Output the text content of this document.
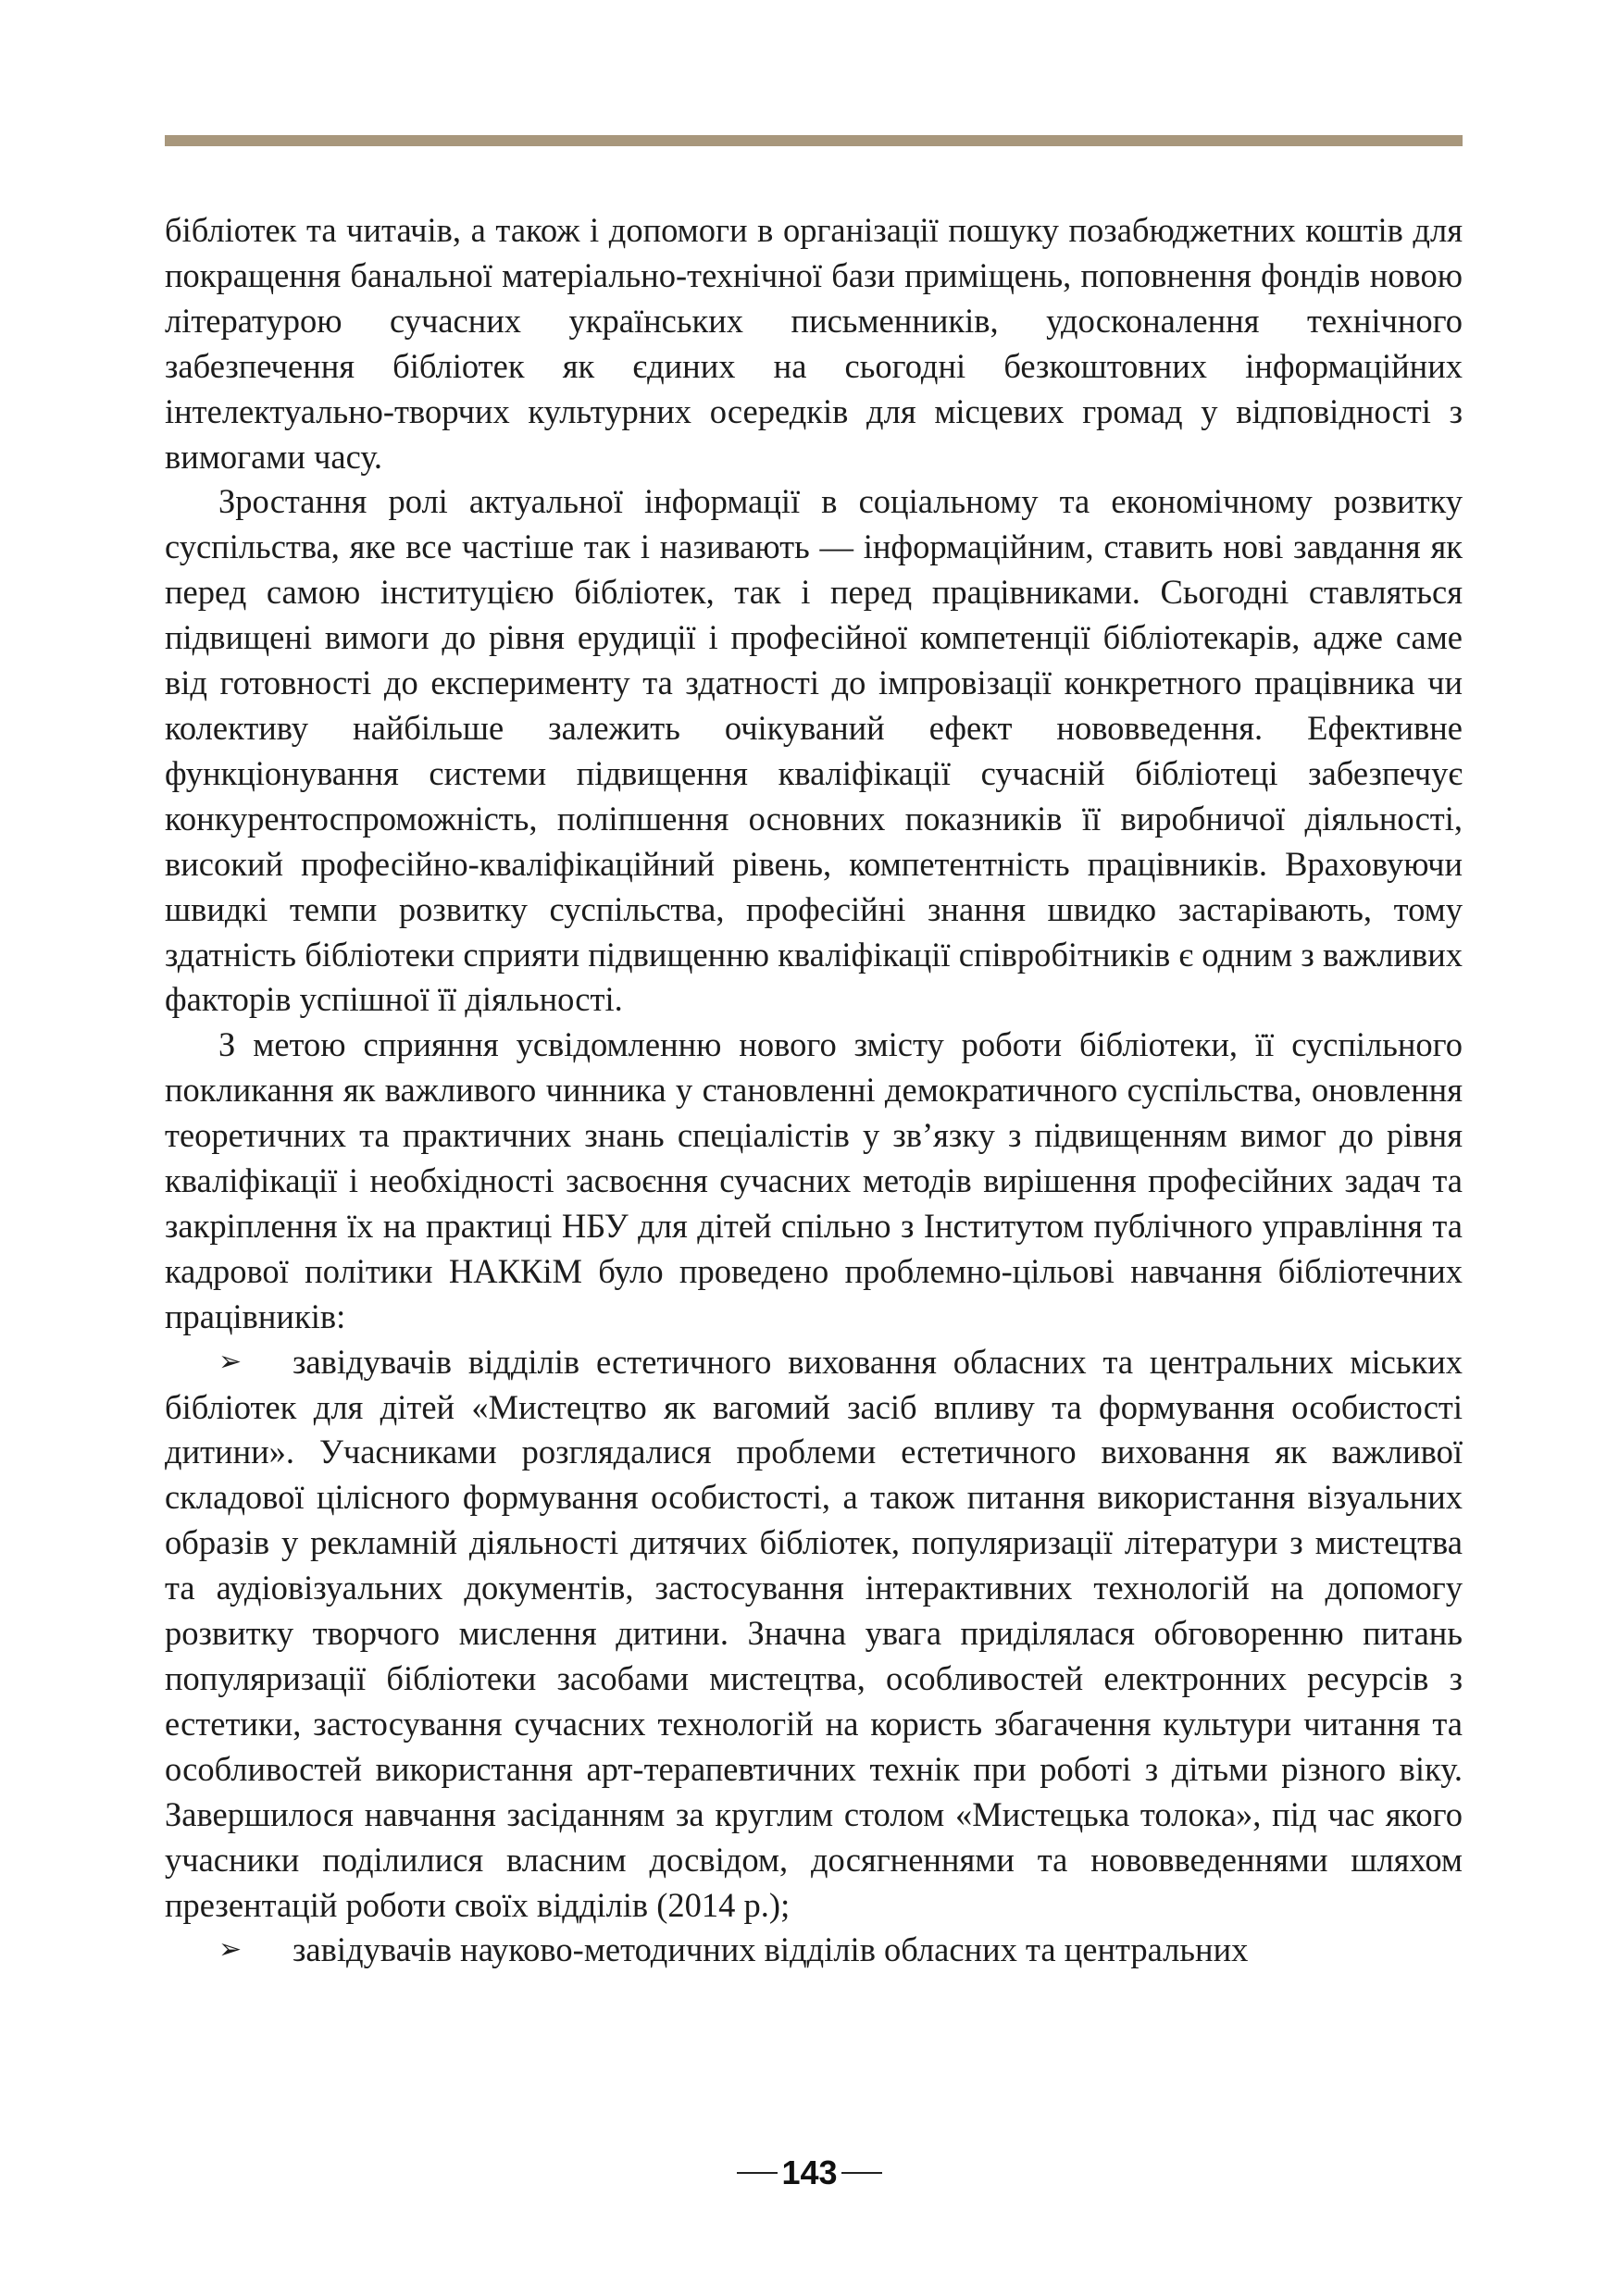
бібліотек та читачів, а також і допомоги в організації пошуку позабюджетних коштів для покращення банальної матеріально-технічної бази приміщень, поповнення фондів новою літературою сучасних українських письменників, удосконалення технічного забезпечення бібліотек як єдиних на сьогодні безкоштовних інформаційних інтелектуально-творчих культурних осередків для місцевих громад у відповідності з вимогами часу.

Зростання ролі актуальної інформації в соціальному та економічному розвитку суспільства, яке все частіше так і називають — інформаційним, ставить нові завдання як перед самою інституцією бібліотек, так і перед працівниками. Сьогодні ставляться підвищені вимоги до рівня ерудиції і професійної компетенції бібліотекарів, адже саме від готовності до експерименту та здатності до імпровізації конкретного працівника чи колективу найбільше залежить очікуваний ефект нововведення. Ефективне функціонування системи підвищення кваліфікації сучасній бібліотеці забезпечує конкурентоспроможність, поліпшення основних показників її виробничої діяльності, високий професійно-кваліфікаційний рівень, компетентність працівників. Враховуючи швидкі темпи розвитку суспільства, професійні знання швидко застарівають, тому здатність бібліотеки сприяти підвищенню кваліфікації співробітників є одним з важливих факторів успішної її діяльності.

З метою сприяння усвідомленню нового змісту роботи бібліотеки, її суспільного покликання як важливого чинника у становленні демократичного суспільства, оновлення теоретичних та практичних знань спеціалістів у зв’язку з підвищенням вимог до рівня кваліфікації і необхідності засвоєння сучасних методів вирішення професійних задач та закріплення їх на практиці НБУ для дітей спільно з Інститутом публічного управління та кадрової політики НАККіМ було проведено проблемно-цільові навчання бібліотечних працівників:

➢	завідувачів відділів естетичного виховання обласних та центральних міських бібліотек для дітей «Мистецтво як вагомий засіб впливу та формування особистості дитини». Учасниками розглядалися проблеми естетичного виховання як важливої складової цілісного формування особистості, а також питання використання візуальних образів у рекламній діяльності дитячих бібліотек, популяризації літератури з мистецтва та аудіовізуальних документів, застосування інтерактивних технологій на допомогу розвитку творчого мислення дитини. Значна увага приділялася обговоренню питань популяризації бібліотеки засобами мистецтва, особливостей електронних ресурсів з естетики, застосування сучасних технологій на користь збагачення культури читання та особливостей використання арт-терапевтичних технік при роботі з дітьми різного віку. Завершилося навчання засіданням за круглим столом «Мистецька толока», під час якого учасники поділилися власним досвідом, досягненнями та нововведеннями шляхом презентацій роботи своїх відділів (2014 р.);

➢	завідувачів науково-методичних відділів обласних та центральних

143
